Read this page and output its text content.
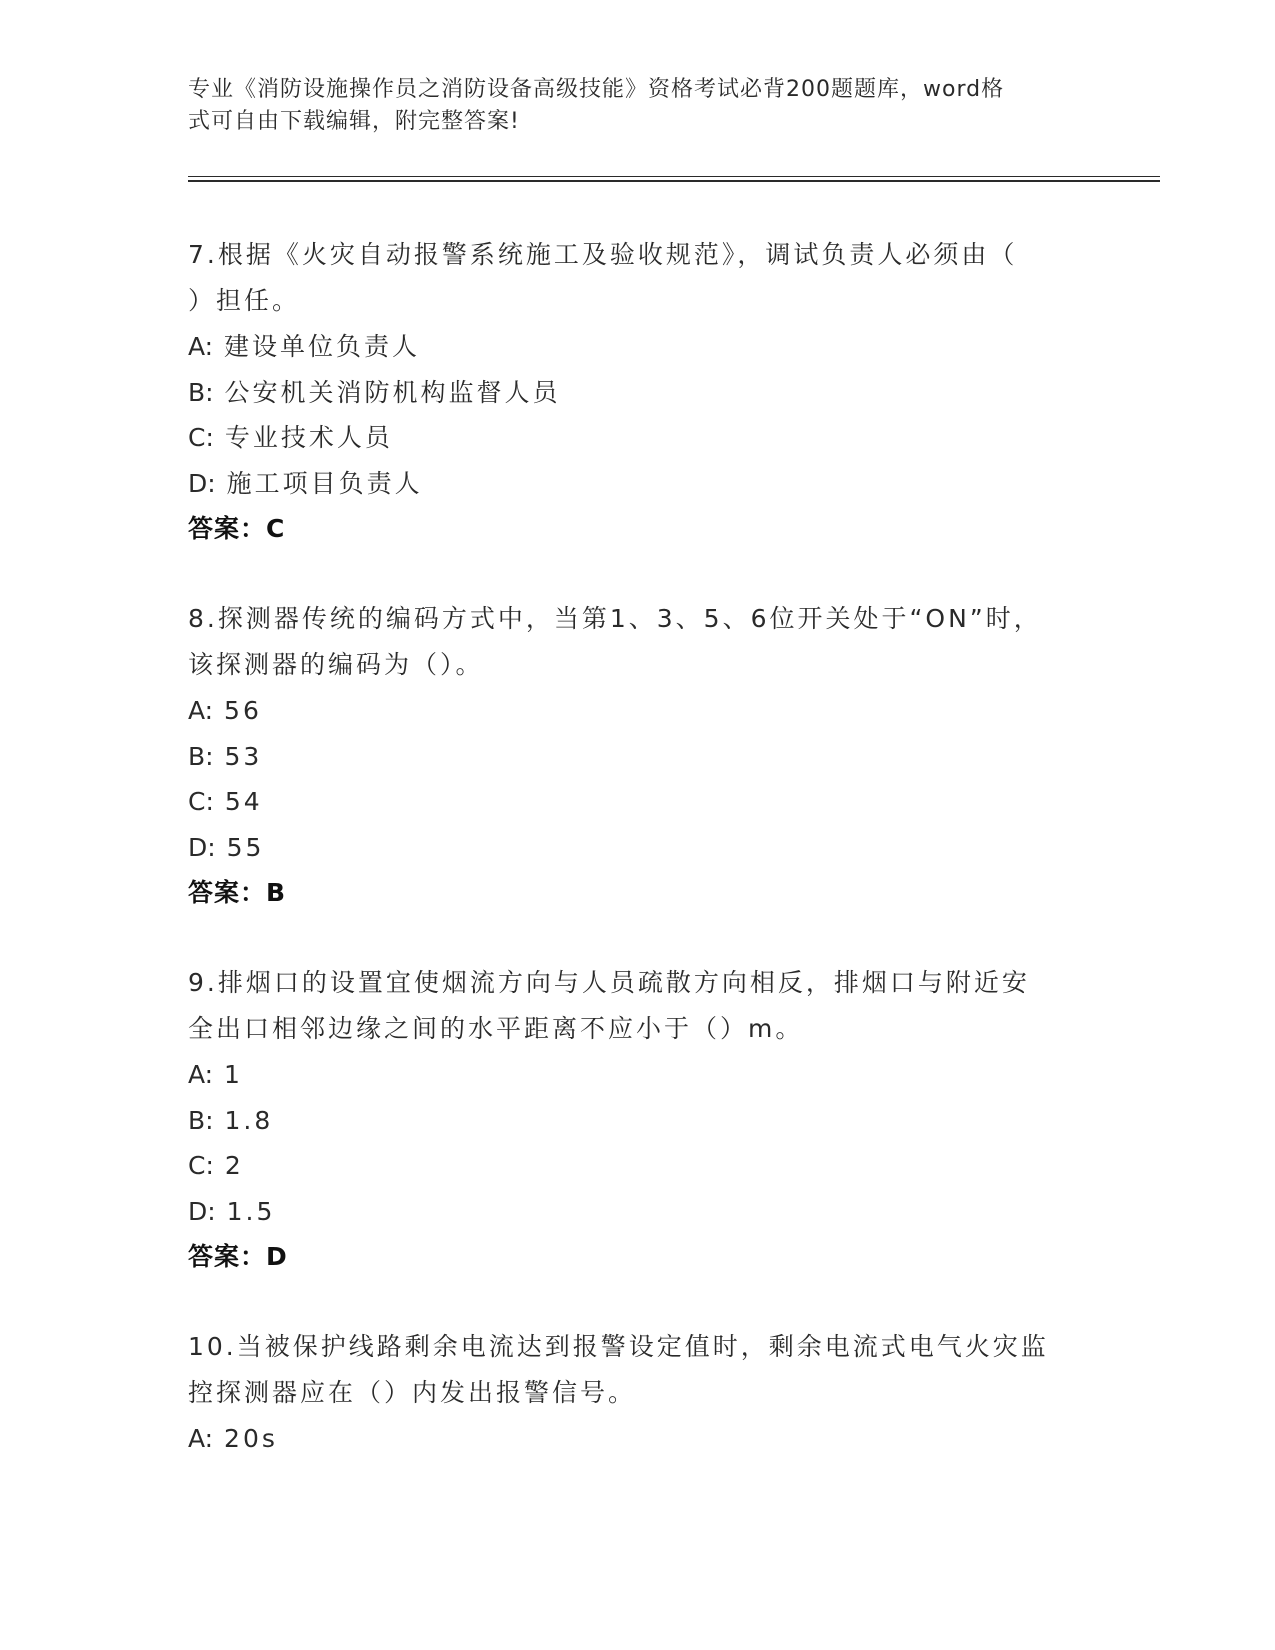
专业《消防设施操作员之消防设备高级技能》资格考试必背200题题库，word格
式可自由下载编辑，附完整答案!
7.根据《火灾自动报警系统施工及验收规范》，调试负责人必须由（
）担任。
A: 建设单位负责人
B: 公安机关消防机构监督人员
C: 专业技术人员
D: 施工项目负责人
答案：C
8.探测器传统的编码方式中，当第1、3、5、6位开关处于“ON”时，
该探测器的编码为（）。
A: 56
B: 53
C: 54
D: 55
答案：B
9.排烟口的设置宜使烟流方向与人员疏散方向相反，排烟口与附近安
全出口相邻边缘之间的水平距离不应小于（）m。
A: 1
B: 1.8
C: 2
D: 1.5
答案：D
10.当被保护线路剩余电流达到报警设定值时，剩余电流式电气火灾监
控探测器应在（）内发出报警信号。
A: 20s
